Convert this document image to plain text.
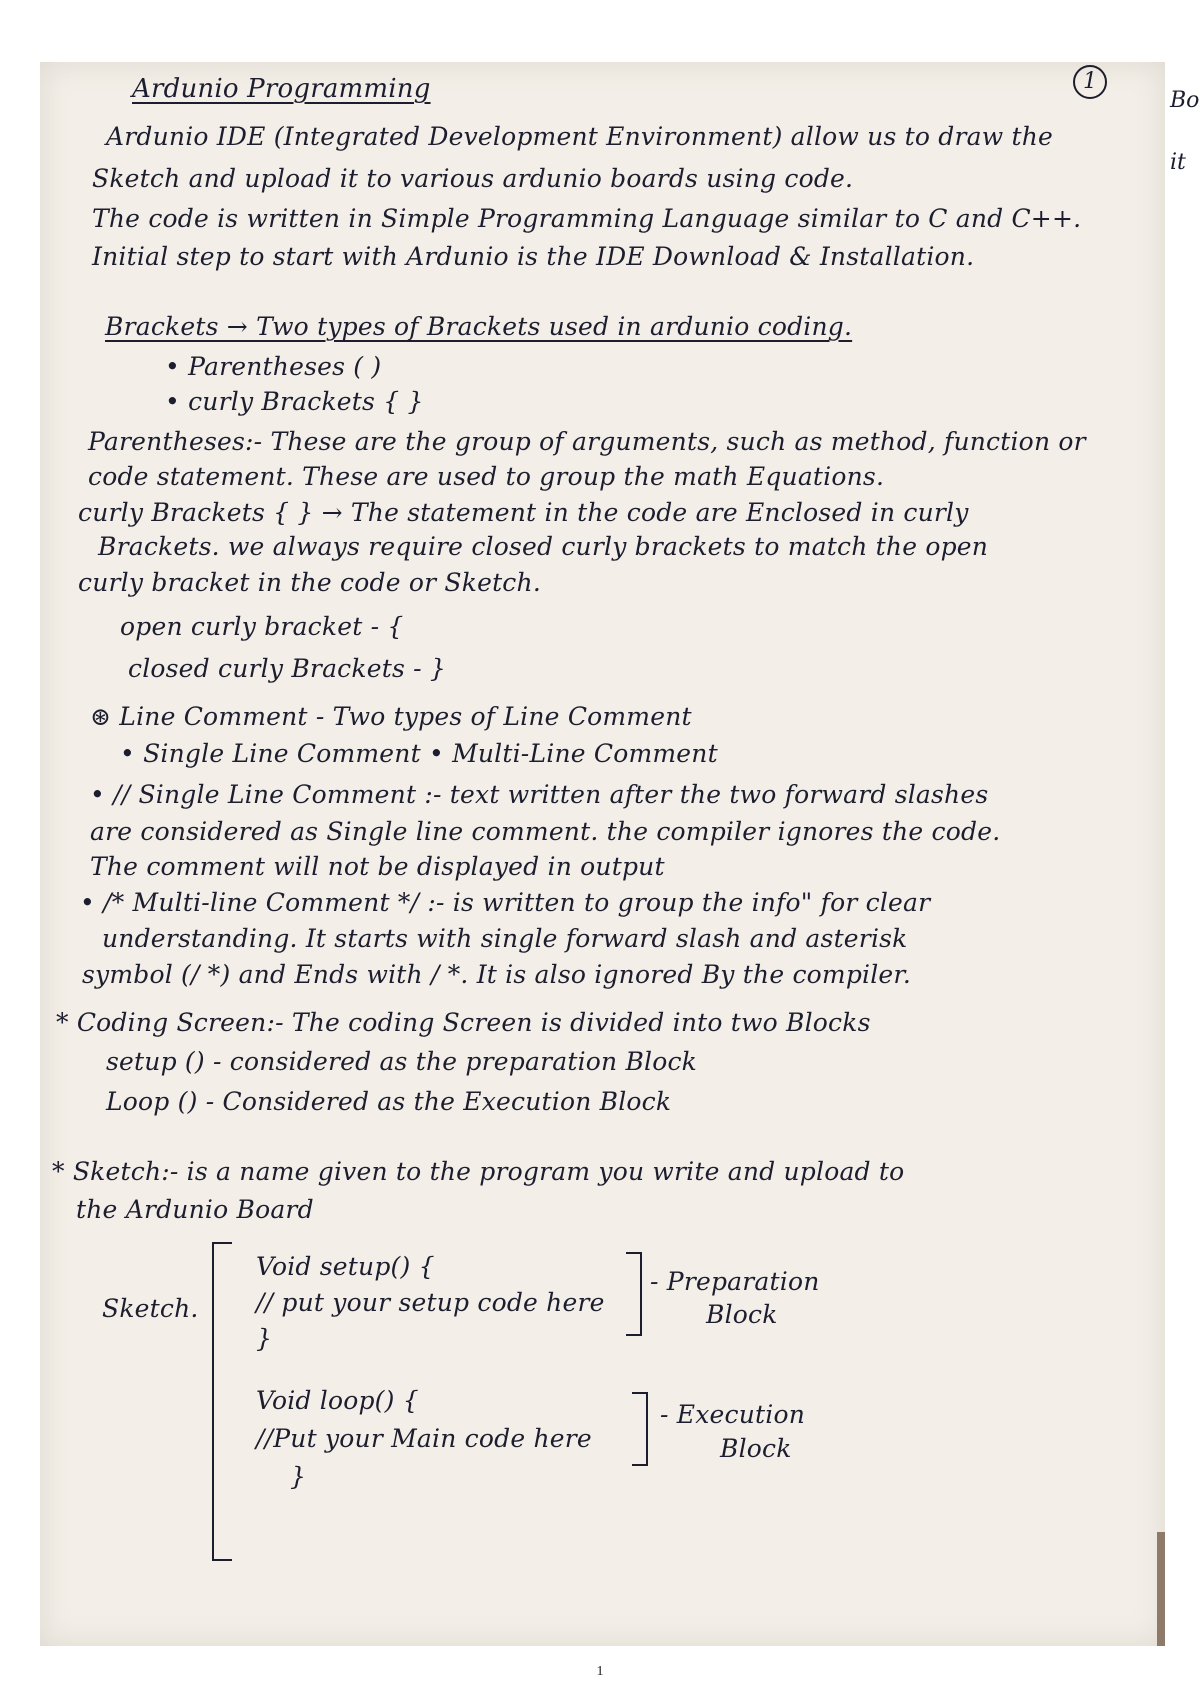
1
Ardunio Programming
Ardunio IDE (Integrated Development Environment) allow us to draw the
Sketch and upload it to various ardunio boards using code.
The code is written in Simple Programming Language similar to C and C++.
Initial step to start with Ardunio is the IDE Download & Installation.
Brackets → Two types of Brackets used in ardunio coding.
• Parentheses ( )
• curly Brackets { }
Parentheses:- These are the group of arguments, such as method, function or
code statement. These are used to group the math Equations.
curly Brackets { } → The statement in the code are Enclosed in curly
Brackets. we always require closed curly brackets to match the open
curly bracket in the code or Sketch.
open curly bracket - {
closed curly Brackets - }
⊛ Line Comment - Two types of Line Comment
• Single Line Comment • Multi-Line Comment
• // Single Line Comment :- text written after the two forward slashes
are considered as Single line comment. the compiler ignores the code.
The comment will not be displayed in output
• /* Multi-line Comment */ :- is written to group the info" for clear
understanding. It starts with single forward slash and asterisk
symbol (/ *) and Ends with / *. It is also ignored By the compiler.
* Coding Screen:- The coding Screen is divided into two Blocks
setup () - considered as the preparation Block
Loop () - Considered as the Execution Block
* Sketch:- is a name given to the program you write and upload to
the Ardunio Board
Sketch.
Void setup() {
// put your setup code here
}
- Preparation
Block
Void loop() {
//Put your Main code here
}
- Execution
Block
Bo
it
1
